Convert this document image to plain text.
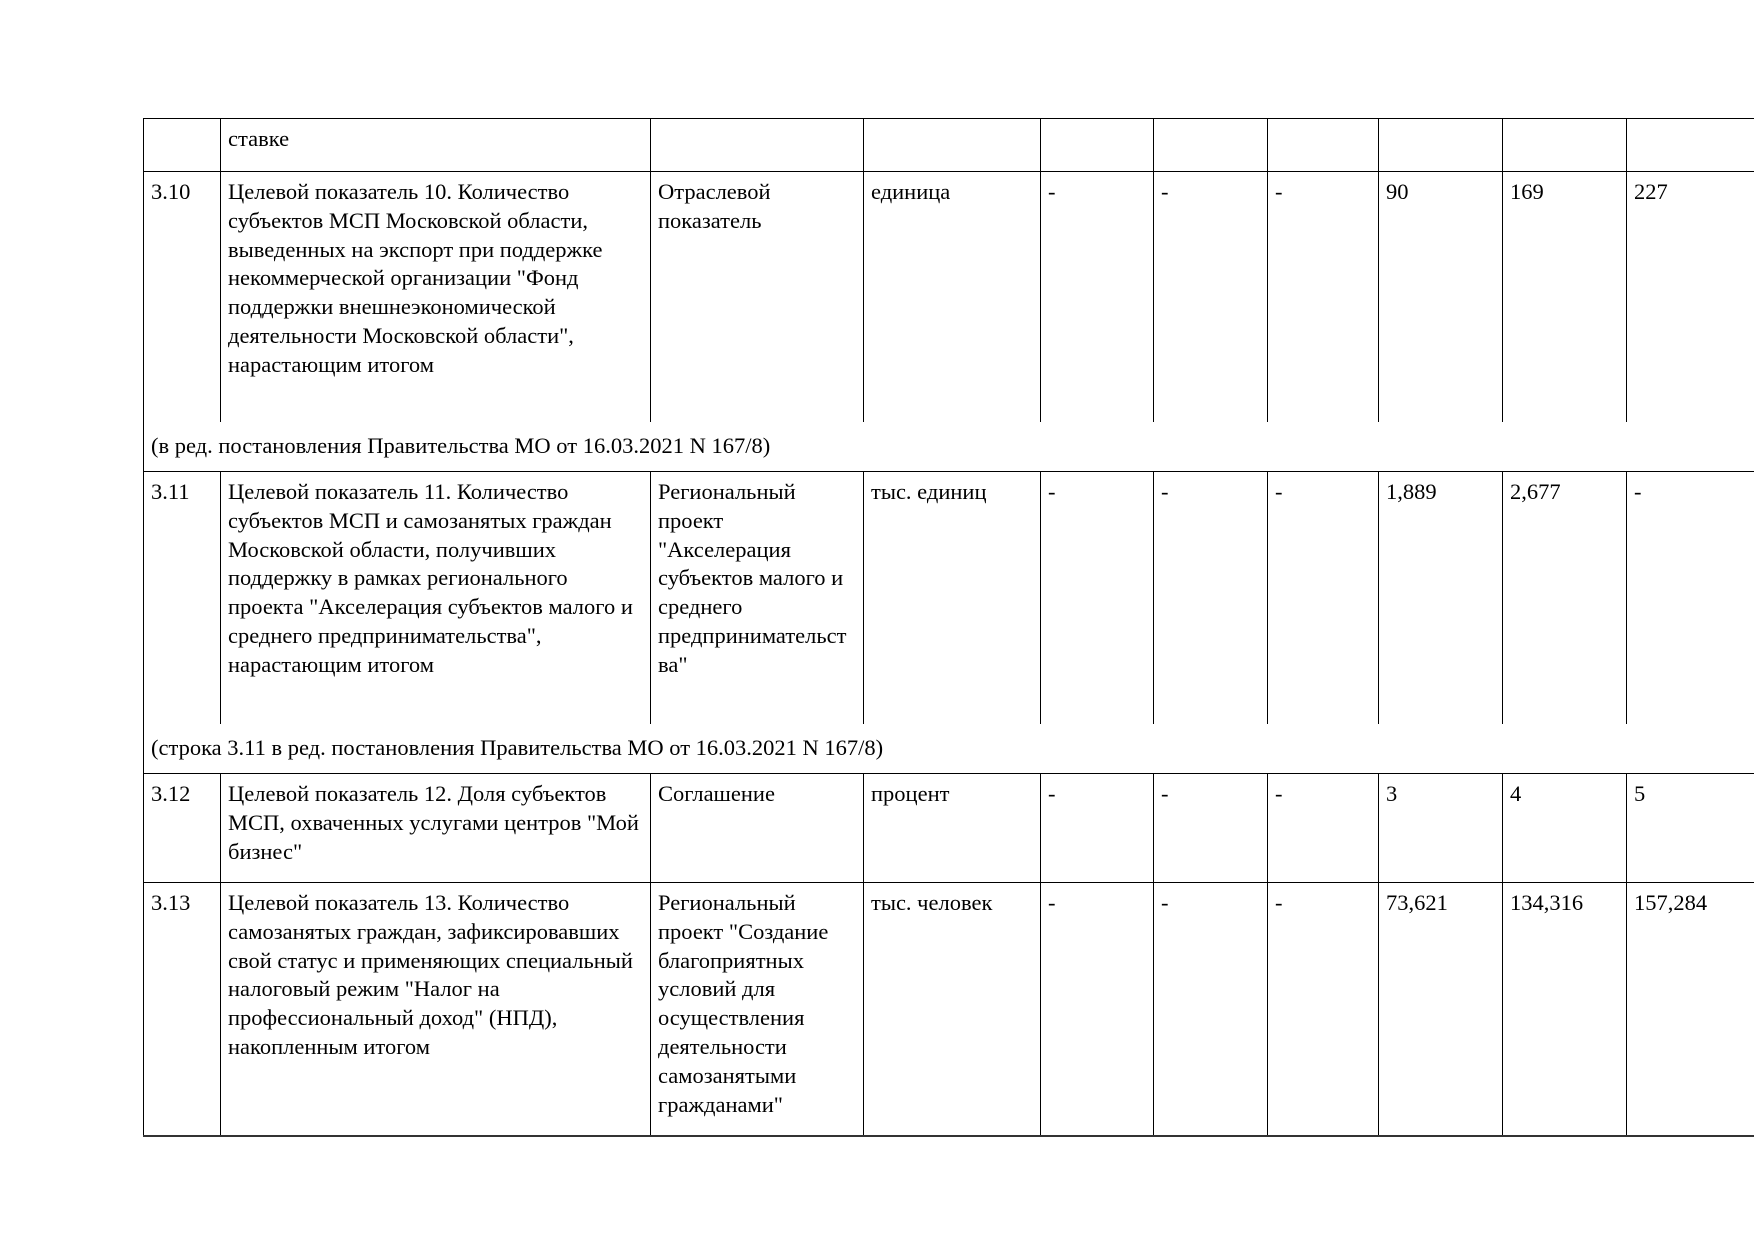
	ставке								
3.10	Целевой показатель 10. Количество субъектов МСП Московской области, выведенных на экспорт при поддержке некоммерческой организации "Фонд поддержки внешнеэкономической деятельности Московской области", нарастающим итогом	Отраслевой показатель	единица	-	-	-	90	169	227
(в ред. постановления Правительства МО от 16.03.2021 N 167/8)									
3.11	Целевой показатель 11. Количество субъектов МСП и самозанятых граждан Московской области, получивших поддержку в рамках регионального проекта "Акселерация субъектов малого и среднего предпринимательства", нарастающим итогом	Региональный проект "Акселерация субъектов малого и среднего предпринимательства"	тыс. единиц	-	-	-	1,889	2,677	-
(строка 3.11 в ред. постановления Правительства МО от 16.03.2021 N 167/8)									
3.12	Целевой показатель 12. Доля субъектов МСП, охваченных услугами центров "Мой бизнес"	Соглашение	процент	-	-	-	3	4	5
3.13	Целевой показатель 13. Количество самозанятых граждан, зафиксировавших свой статус и применяющих специальный налоговый режим "Налог на профессиональный доход" (НПД), накопленным итогом	Региональный проект "Создание благоприятных условий для осуществления деятельности самозанятыми гражданами"	тыс. человек	-	-	-	73,621	134,316	157,284
